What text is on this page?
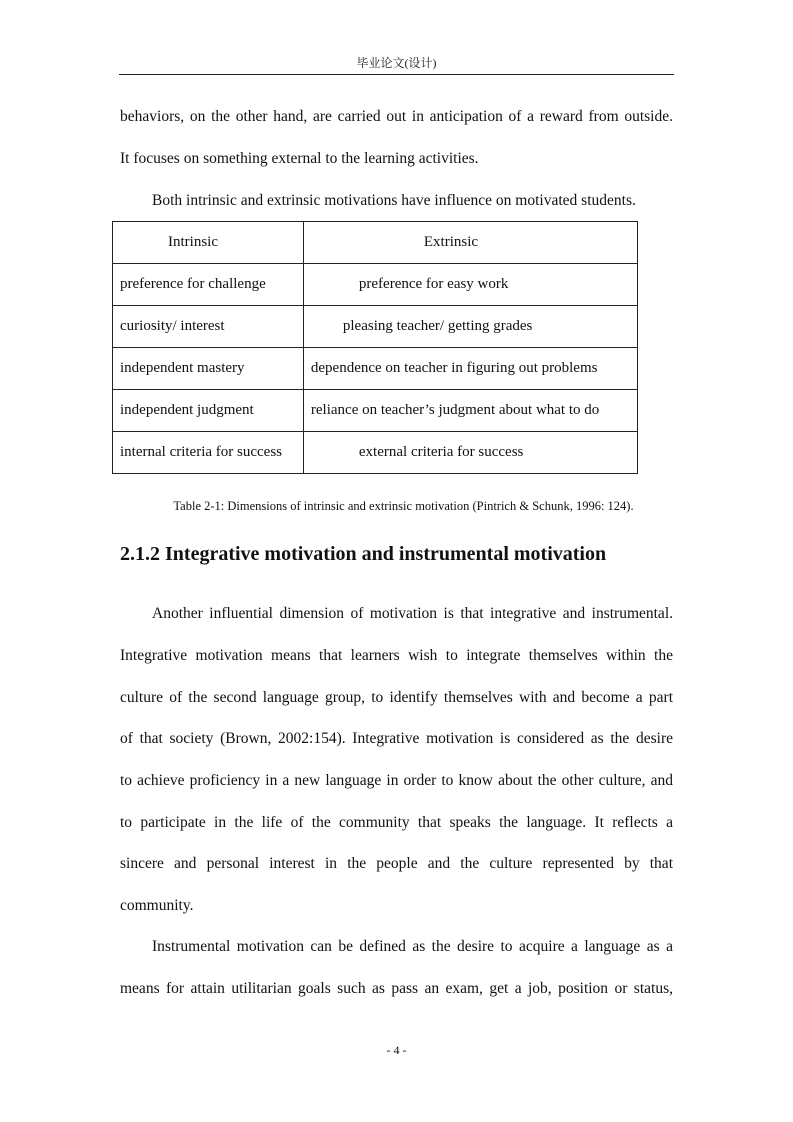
毕业论文(设计)
behaviors, on the other hand, are carried out in anticipation of a reward from outside.
It focuses on something external to the learning activities.
Both intrinsic and extrinsic motivations have influence on motivated students.
Intrinsic	Extrinsic
preference for challenge	preference for easy work
curiosity/ interest	pleasing teacher/ getting grades
independent mastery	dependence on teacher in figuring out problems
independent judgment	reliance on teacher’s judgment about what to do
internal criteria for success	external criteria for success
Table 2-1: Dimensions of intrinsic and extrinsic motivation (Pintrich & Schunk, 1996: 124).
2.1.2 Integrative motivation and instrumental motivation
Another influential dimension of motivation is that integrative and instrumental.
Integrative motivation means that learners wish to integrate themselves within the
culture of the second language group, to identify themselves with and become a part
of that society (Brown, 2002:154). Integrative motivation is considered as the desire
to achieve proficiency in a new language in order to know about the other culture, and
to participate in the life of the community that speaks the language. It reflects a
sincere and personal interest in the people and the culture represented by that
community.
Instrumental motivation can be defined as the desire to acquire a language as a
means for attain utilitarian goals such as pass an exam, get a job, position or status,
- 4 -
